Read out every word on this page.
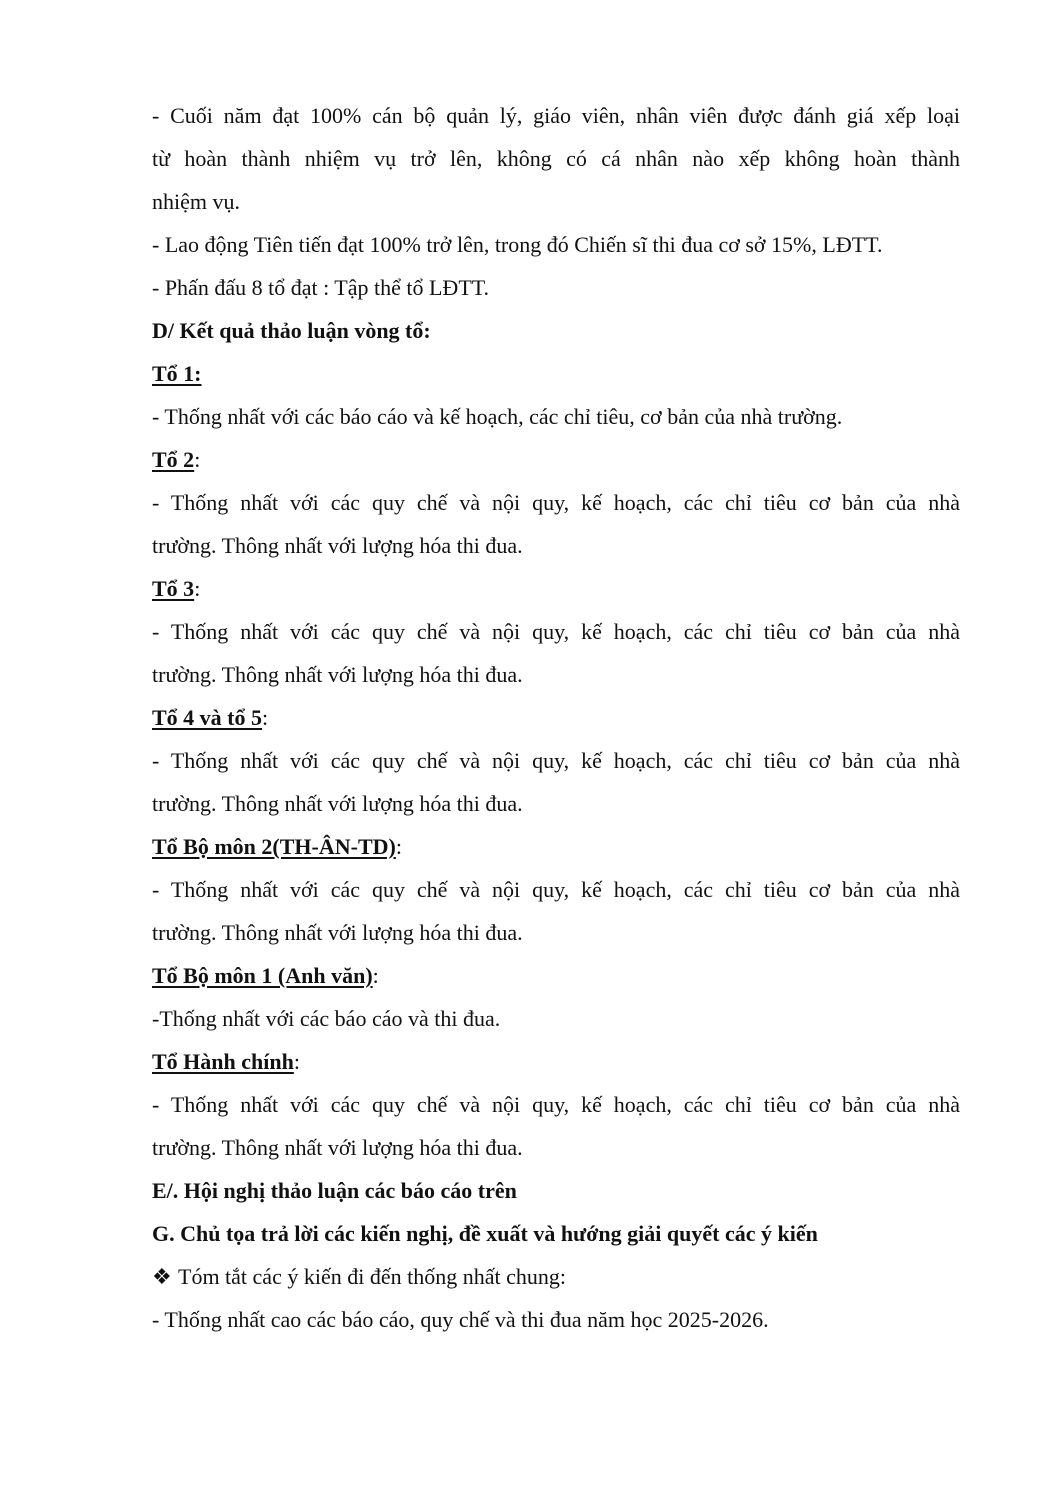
- Cuối năm đạt 100% cán bộ quản lý, giáo viên, nhân viên được đánh giá xếp loại

từ hoàn thành nhiệm vụ trở lên, không có cá nhân nào xếp không hoàn thành

nhiệm vụ.

- Lao động Tiên tiến đạt 100% trở lên, trong đó Chiến sĩ thi đua cơ sở 15%, LĐTT.

- Phấn đấu 8 tổ đạt : Tập thể tổ LĐTT.

D/ Kết quả thảo luận vòng tổ:

Tổ 1:

- Thống nhất với các báo cáo và kế hoạch, các chỉ tiêu, cơ bản của nhà trường.

Tổ 2:

- Thống nhất với các quy chế và nội quy, kế hoạch, các chỉ tiêu cơ bản của nhà

trường. Thông nhất với lượng hóa thi đua.

Tổ 3:

- Thống nhất với các quy chế và nội quy, kế hoạch, các chỉ tiêu cơ bản của nhà

trường. Thông nhất với lượng hóa thi đua.

Tổ 4 và tổ 5:

- Thống nhất với các quy chế và nội quy, kế hoạch, các chỉ tiêu cơ bản của nhà

trường. Thông nhất với lượng hóa thi đua.

Tổ Bộ môn 2(TH-ÂN-TD):

- Thống nhất với các quy chế và nội quy, kế hoạch, các chỉ tiêu cơ bản của nhà

trường. Thông nhất với lượng hóa thi đua.

Tổ Bộ môn 1 (Anh văn):

-Thống nhất với các báo cáo và thi đua.

Tổ Hành chính:

- Thống nhất với các quy chế và nội quy, kế hoạch, các chỉ tiêu cơ bản của nhà

trường. Thông nhất với lượng hóa thi đua.

E/. Hội nghị thảo luận các báo cáo trên

G. Chủ tọa trả lời các kiến nghị, đề xuất và hướng giải quyết các ý kiến

❖ Tóm tắt các ý kiến đi đến thống nhất chung:

- Thống nhất cao các báo cáo, quy chế và thi đua năm học 2025-2026.
